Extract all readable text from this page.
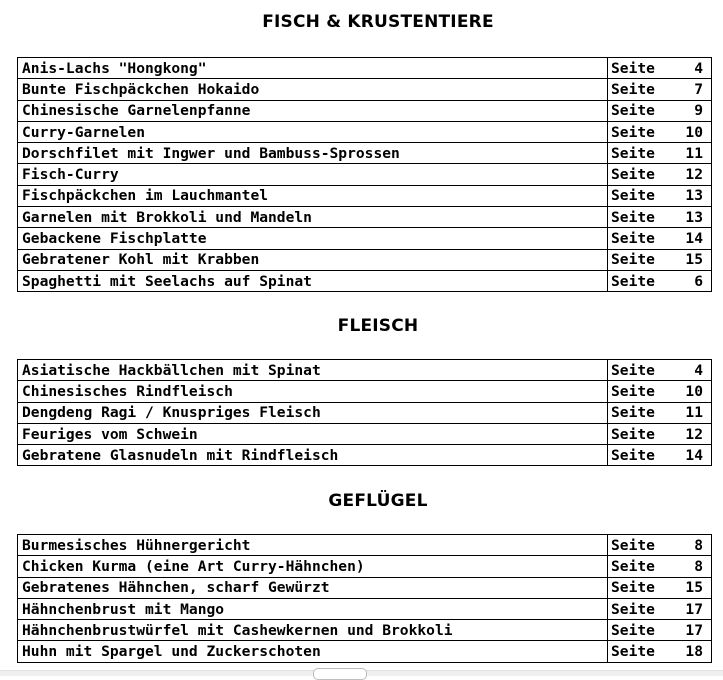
FISCH & KRUSTENTIERE
Anis-Lachs "Hongkong"	Seite 4
Bunte Fischpäckchen Hokaido	Seite 7
Chinesische Garnelenpfanne	Seite 9
Curry-Garnelen	Seite 10
Dorschfilet mit Ingwer und Bambuss-Sprossen	Seite 11
Fisch-Curry	Seite 12
Fischpäckchen im Lauchmantel	Seite 13
Garnelen mit Brokkoli und Mandeln	Seite 13
Gebackene Fischplatte	Seite 14
Gebratener Kohl mit Krabben	Seite 15
Spaghetti mit Seelachs auf Spinat	Seite 6
FLEISCH
Asiatische Hackbällchen mit Spinat	Seite 4
Chinesisches Rindfleisch	Seite 10
Dengdeng Ragi / Knuspriges Fleisch	Seite 11
Feuriges vom Schwein	Seite 12
Gebratene Glasnudeln mit Rindfleisch	Seite 14
GEFLÜGEL
Burmesisches Hühnergericht	Seite 8
Chicken Kurma (eine Art Curry-Hähnchen)	Seite 8
Gebratenes Hähnchen, scharf Gewürzt	Seite 15
Hähnchenbrust mit Mango	Seite 17
Hähnchenbrustwürfel mit Cashewkernen und Brokkoli	Seite 17
Huhn mit Spargel und Zuckerschoten	Seite 18
